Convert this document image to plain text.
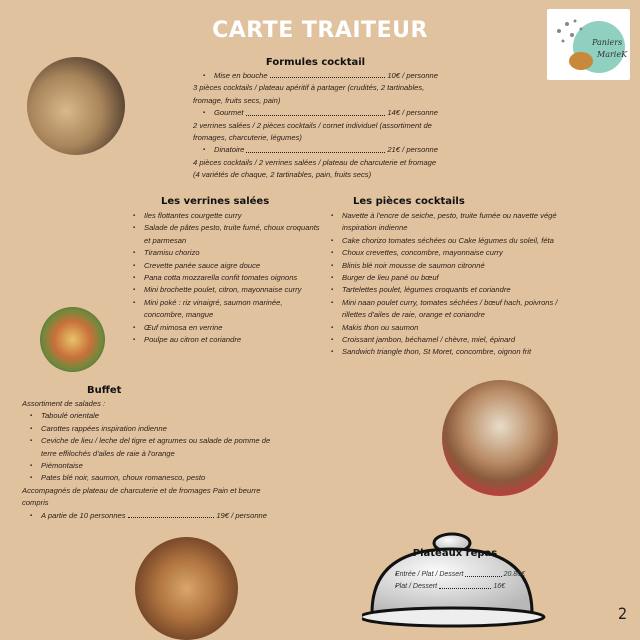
CARTE TRAITEUR	Paniers
MarieK
Formules cocktail
▪ Mise en bouche	10€ / personne
3 pièces cocktails / plateau apéritif à partager (crudités, 2 tartinables, fromage, fruits secs, pain)
▪ Gourmet	14€ / personne
2 verrines salées / 2 pièces cocktails / cornet individuel (assortiment de fromages, charcuterie, légumes)
▪ Dinatoire	21€ / personne
4 pièces cocktails / 2 verrines salées / plateau de charcuterie et fromage (4 variétés de chaque, 2 tartinables, pain, fruits secs)
Les verrines salées
▪ Iles flottantes courgette curry
▪ Salade de pâtes pesto, truite fumé, choux croquants et parmesan
▪ Tiramisu chorizo
▪ Crevette panée sauce aigre douce
▪ Pana cotta mozzarella confit tomates oignons
▪ Mini brochette poulet, citron, mayonnaise curry
▪ Mini poké : riz vinaigré, saumon marinée, concombre, mangue
▪ Œuf mimosa en verrine
▪ Poulpe au citron et coriandre
Les pièces cocktails
▪ Navette à l'encre de seiche, pesto, truite fumée ou navette végé inspiration indienne
▪ Cake chorizo tomates séchées ou Cake légumes du soleil, féta
▪ Choux crevettes, concombre, mayonnaise curry
▪ Blinis blé noir mousse de saumon citronné
▪ Burger de lieu pané ou bœuf
▪ Tartelettes poulet, légumes croquants et coriandre
▪ Mini naan poulet curry, tomates séchées / bœuf hach, poivrons / rillettes d'ailes de raie, orange et coriandre
▪ Makis thon ou saumon
▪ Croissant jambon, béchamel / chèvre, miel, épinard
▪ Sandwich triangle thon, St Moret, concombre, oignon frit
Buffet
Assortiment de salades :
▪ Taboulé orientale
▪ Carottes rappées inspiration indienne
▪ Ceviche de lieu / leche del tigre et agrumes ou salade de pomme de terre effilochés d'ailes de raie à l'orange
▪ Piémontaise
▪ Pates blé noir, saumon, choux romanesco, pesto
Accompagnés de plateau de charcuterie et de fromages Pain et beurre compris
▪ A partie de 10 personnes	19€ / personne
Plateaux repas
▪ Entrée / Plat / Dessert	20.80€
▪ Plat / Dessert	16€
2
